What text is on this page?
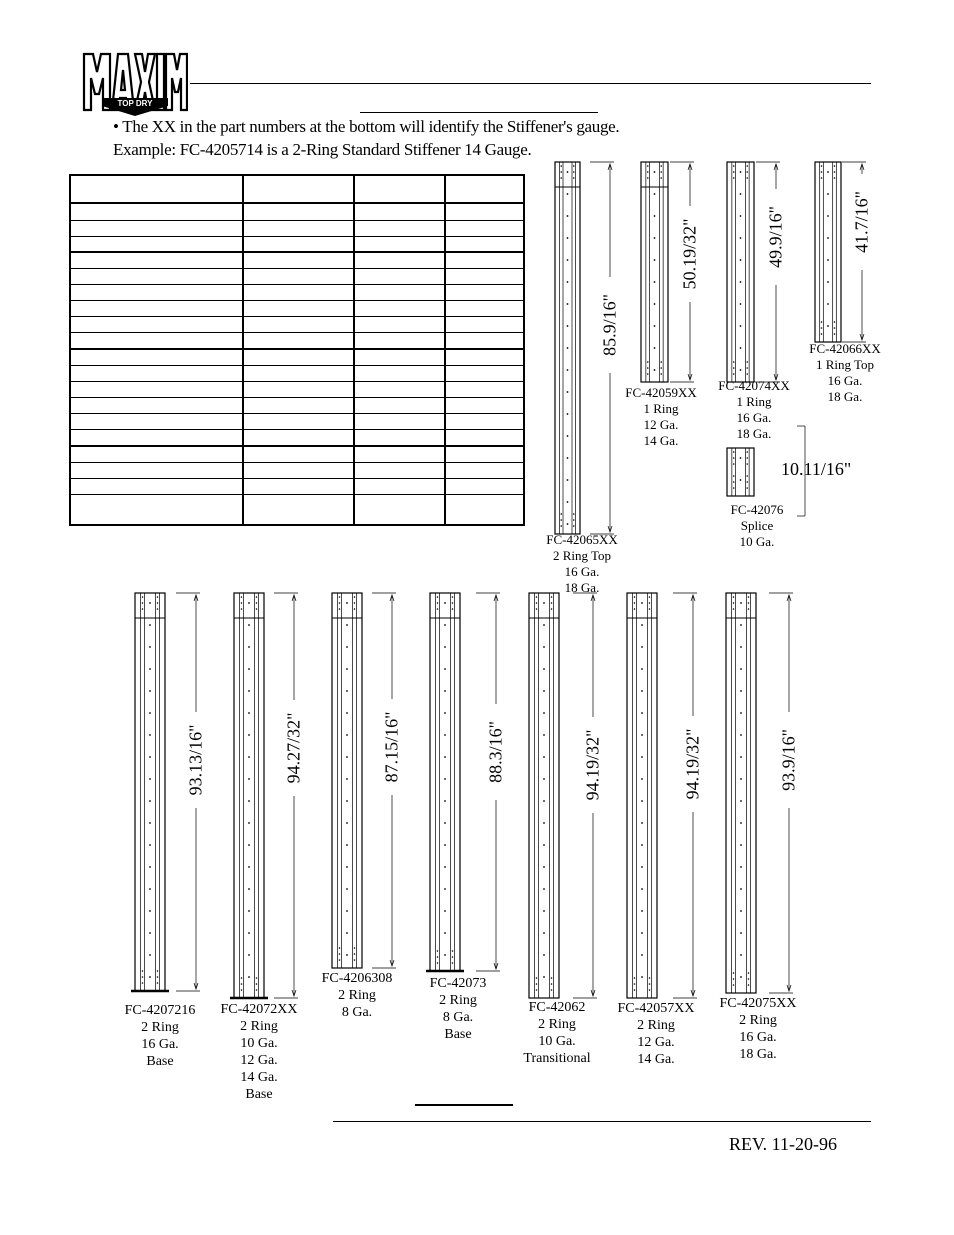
TOP DRY
MAXIM
• The XX in the part numbers at the bottom will identify the Stiffener's gauge.
Example: FC-4205714 is a 2-Ring Standard Stiffener 14 Gauge.
FC-42065XX
2 Ring Top
16 Ga.
18 Ga.
85.9/16"
FC-42059XX
1 Ring
12 Ga.
14 Ga.
50.19/32"
FC-42074XX
1 Ring
16 Ga.
18 Ga.
49.9/16"
FC-42066XX
1 Ring Top
16 Ga.
18 Ga.
41.7/16"
FC-42076
Splice
10 Ga.
10.11/16"
FC-4207216
2 Ring
16 Ga.
Base
93.13/16"
FC-42072XX
2 Ring
10 Ga.
12 Ga.
14 Ga.
Base
94.27/32"
FC-4206308
2 Ring
8 Ga.
87.15/16"
FC-42073
2 Ring
8 Ga.
Base
88.3/16"
FC-42062
2 Ring
10 Ga.
Transitional
94.19/32"
FC-42057XX
2 Ring
12 Ga.
14 Ga.
94.19/32"
FC-42075XX
2 Ring
16 Ga.
18 Ga.
93.9/16"
REV. 11-20-96
